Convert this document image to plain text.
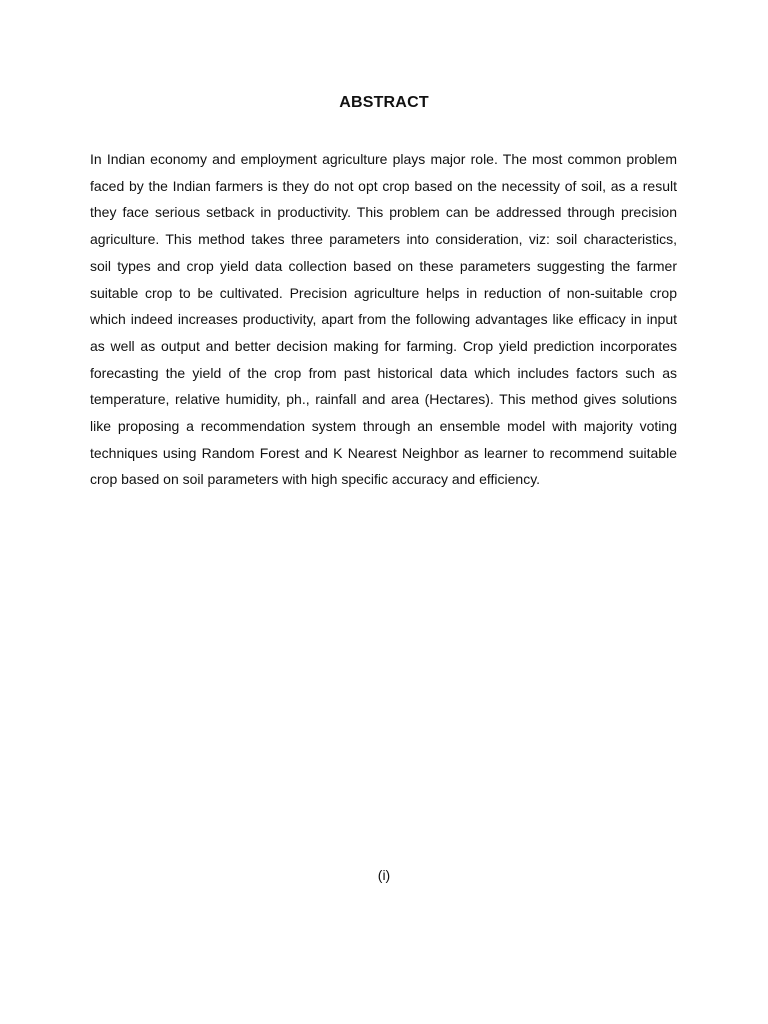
ABSTRACT

In Indian economy and employment agriculture plays major role. The most common problem faced by the Indian farmers is they do not opt crop based on the necessity of soil, as a result they face serious setback in productivity. This problem can be addressed through precision agriculture. This method takes three parameters into consideration, viz: soil characteristics, soil types and crop yield data collection based on these parameters suggesting the farmer suitable crop to be cultivated. Precision agriculture helps in reduction of non-suitable crop which indeed increases productivity, apart from the following advantages like efficacy in input as well as output and better decision making for farming. Crop yield prediction incorporates forecasting the yield of the crop from past historical data which includes factors such as temperature, relative humidity, ph., rainfall and area (Hectares). This method gives solutions like proposing a recommendation system through an ensemble model with majority voting techniques using Random Forest and K Nearest Neighbor as learner to recommend suitable crop based on soil parameters with high specific accuracy and efficiency.

(i)
